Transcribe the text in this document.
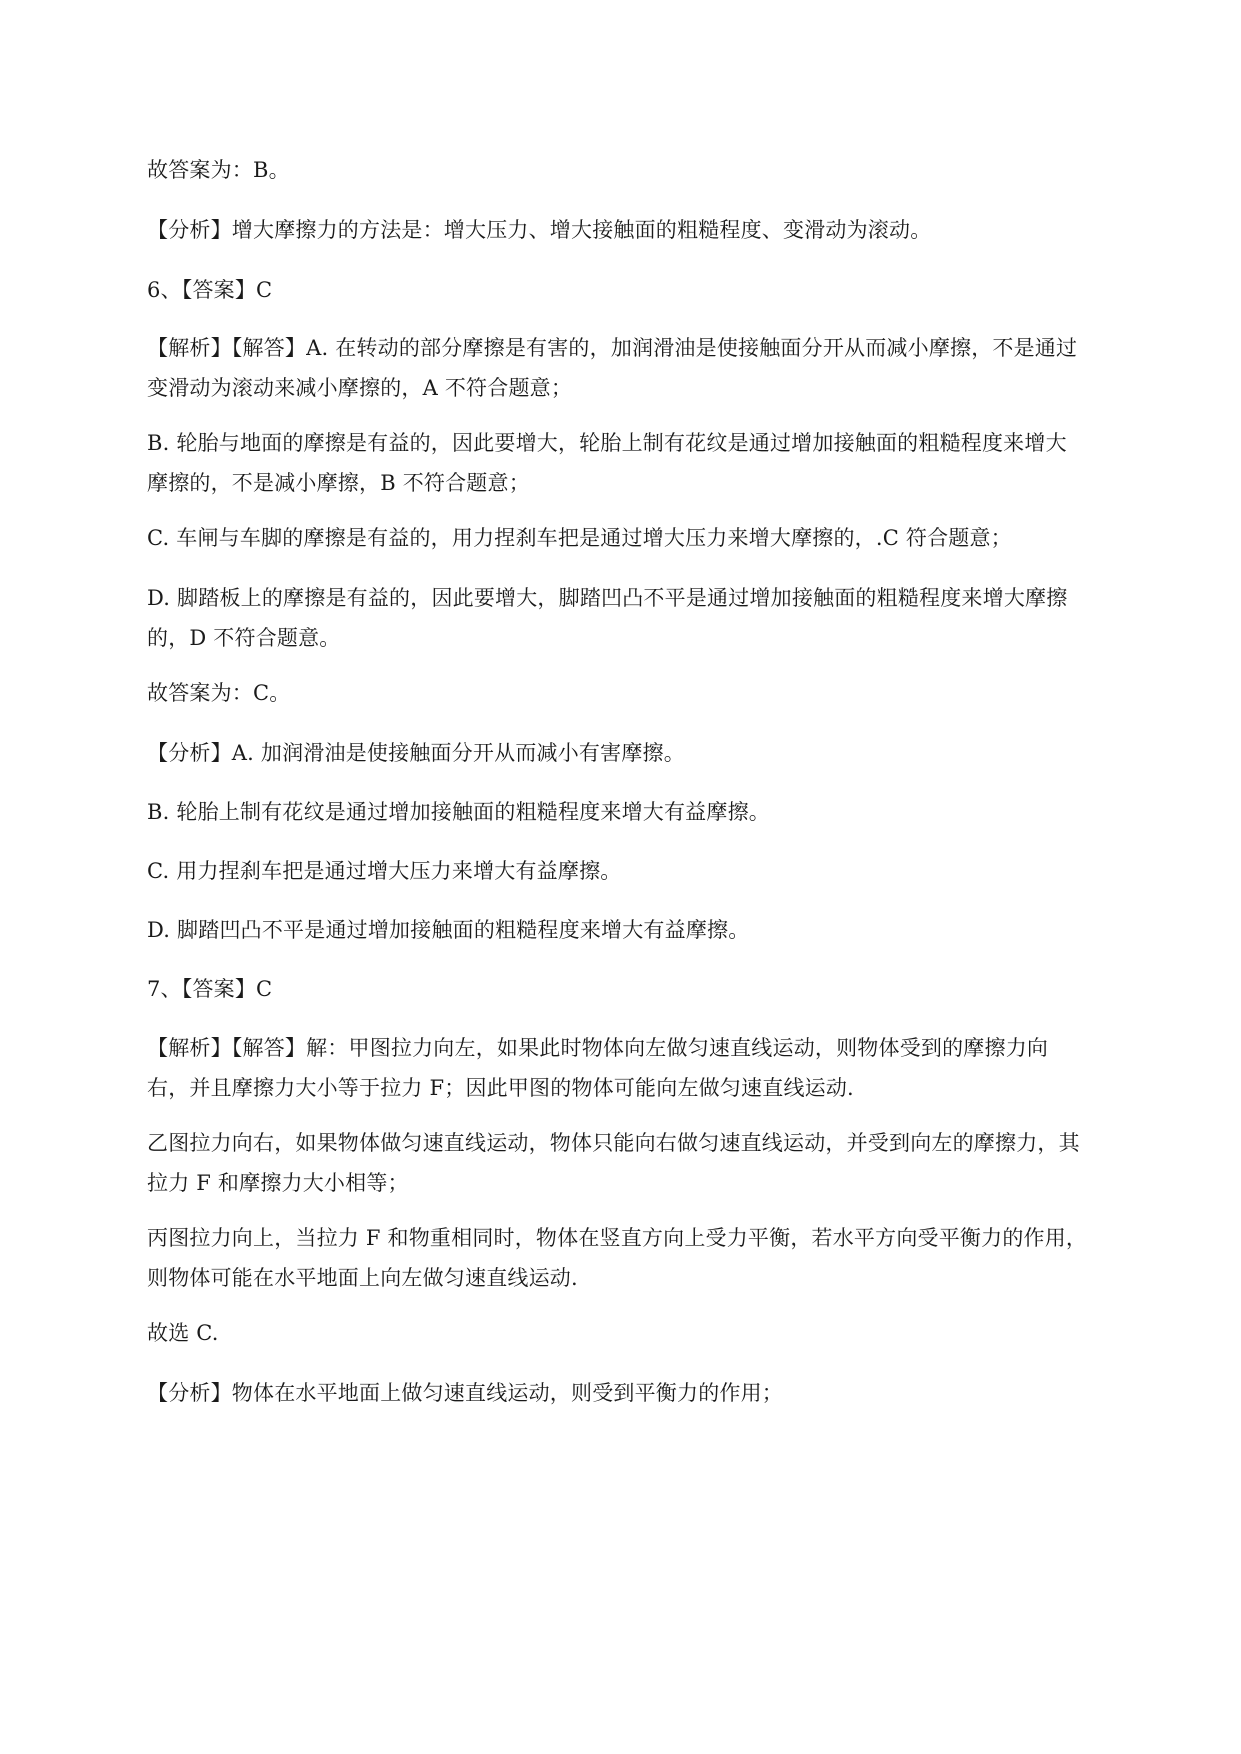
故答案为：B。
【分析】增大摩擦力的方法是：增大压力、增大接触面的粗糙程度、变滑动为滚动。
6、【答案】C
【解析】【解答】A. 在转动的部分摩擦是有害的，加润滑油是使接触面分开从而减小摩擦，不是通过
变滑动为滚动来减小摩擦的，A 不符合题意；
B. 轮胎与地面的摩擦是有益的，因此要增大，轮胎上制有花纹是通过增加接触面的粗糙程度来增大
摩擦的，不是减小摩擦，B 不符合题意；
C. 车闸与车脚的摩擦是有益的，用力捏刹车把是通过增大压力来增大摩擦的，.C 符合题意；
D. 脚踏板上的摩擦是有益的，因此要增大，脚踏凹凸不平是通过增加接触面的粗糙程度来增大摩擦
的，D 不符合题意。
故答案为：C。
【分析】A. 加润滑油是使接触面分开从而减小有害摩擦。
B. 轮胎上制有花纹是通过增加接触面的粗糙程度来增大有益摩擦。
C. 用力捏刹车把是通过增大压力来增大有益摩擦。
D. 脚踏凹凸不平是通过增加接触面的粗糙程度来增大有益摩擦。
7、【答案】C
【解析】【解答】解：甲图拉力向左，如果此时物体向左做匀速直线运动，则物体受到的摩擦力向
右，并且摩擦力大小等于拉力 F；因此甲图的物体可能向左做匀速直线运动.
乙图拉力向右，如果物体做匀速直线运动，物体只能向右做匀速直线运动，并受到向左的摩擦力，其
拉力 F 和摩擦力大小相等；
丙图拉力向上，当拉力 F 和物重相同时，物体在竖直方向上受力平衡，若水平方向受平衡力的作用，
则物体可能在水平地面上向左做匀速直线运动.
故选 C.
【分析】物体在水平地面上做匀速直线运动，则受到平衡力的作用；
